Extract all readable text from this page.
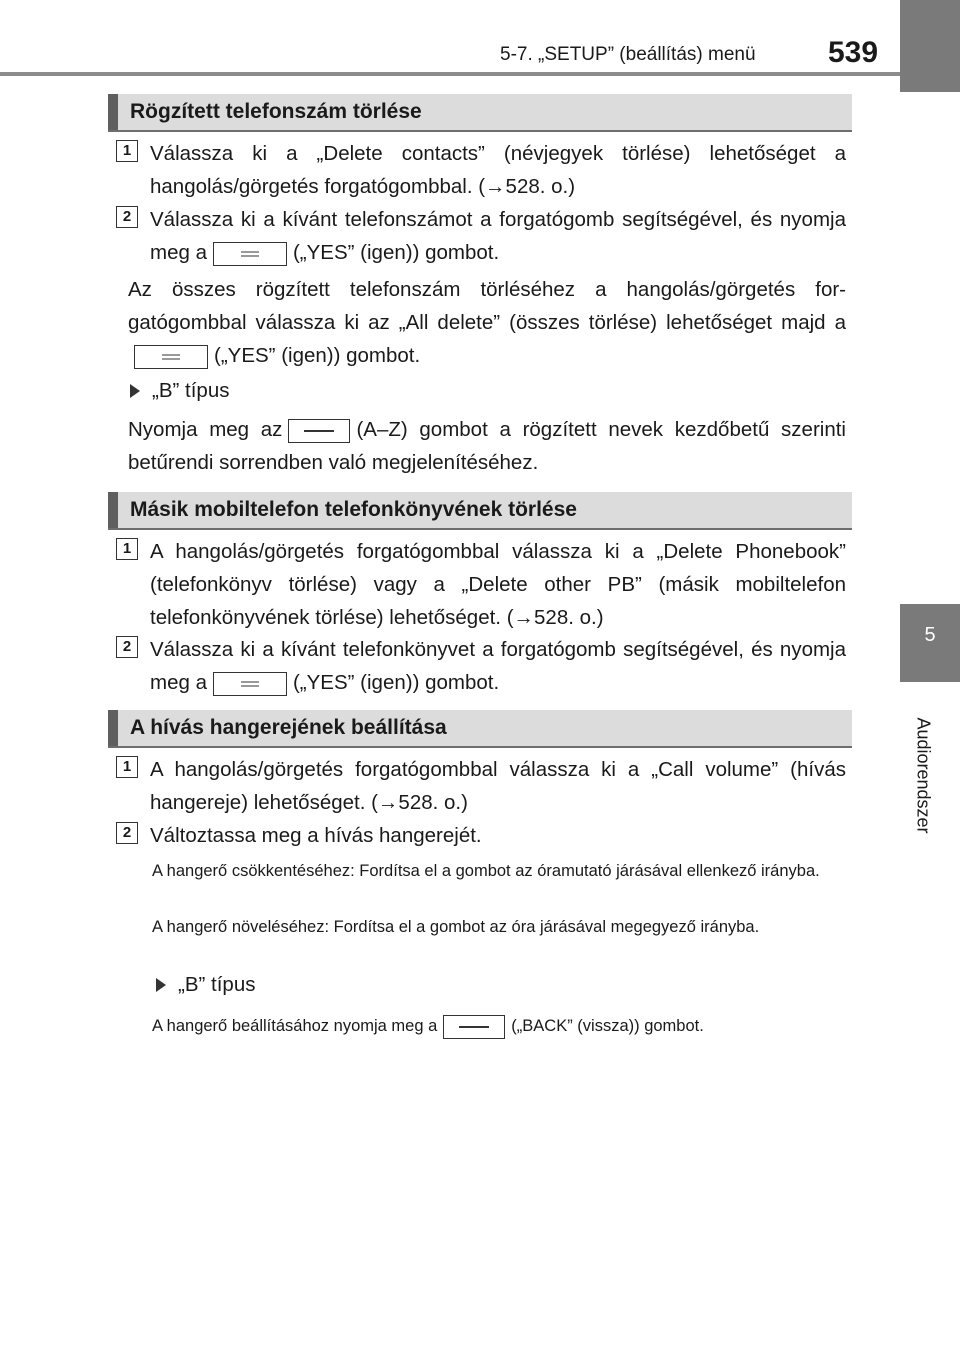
5-7. „SETUP” (beállítás) menü 539
5
Audiorendszer
Rögzített telefonszám törlése
1 Válassza ki a „Delete contacts” (névjegyek törlése) lehetőséget a hangolás/görgetés forgatógombbal. (→528. o.)

2 Válassza ki a kívánt telefonszámot a forgatógomb segítségével, és nyomja meg a	(„YES” (igen)) gombot.

Az összes rögzített telefonszám törléséhez a hangolás/görgetés forgatógombbal válassza ki az „All delete” (összes törlése) lehetőséget majd a
(„YES” (igen)) gombot.

„B” típus

Nyomja meg az	(A–Z) gombot a rögzített nevek kezdőbetű szerinti betűrendi sorrendben való megjelenítéséhez.

Másik mobiltelefon telefonkönyvének törlése
1 A hangolás/görgetés forgatógombbal válassza ki a „Delete Phonebook” (telefonkönyv törlése) vagy a „Delete other PB” (másik mobiltelefon telefonkönyvének törlése) lehetőséget. (→528. o.)

2 Válassza ki a kívánt telefonkönyvet a forgatógomb segítségével, és nyomja meg a	(„YES” (igen)) gombot.

A hívás hangerejének beállítása
1 A hangolás/görgetés forgatógombbal válassza ki a „Call volume” (hívás hangereje) lehetőséget. (→528. o.)

2 Változtassa meg a hívás hangerejét.

A hangerő csökkentéséhez: Fordítsa el a gombot az óramutató járásával ellenkező irányba.

A hangerő növeléséhez: Fordítsa el a gombot az óra járásával megegyező irányba.

„B” típus

A hangerő beállításához nyomja meg a	(„BACK” (vissza)) gombot.
